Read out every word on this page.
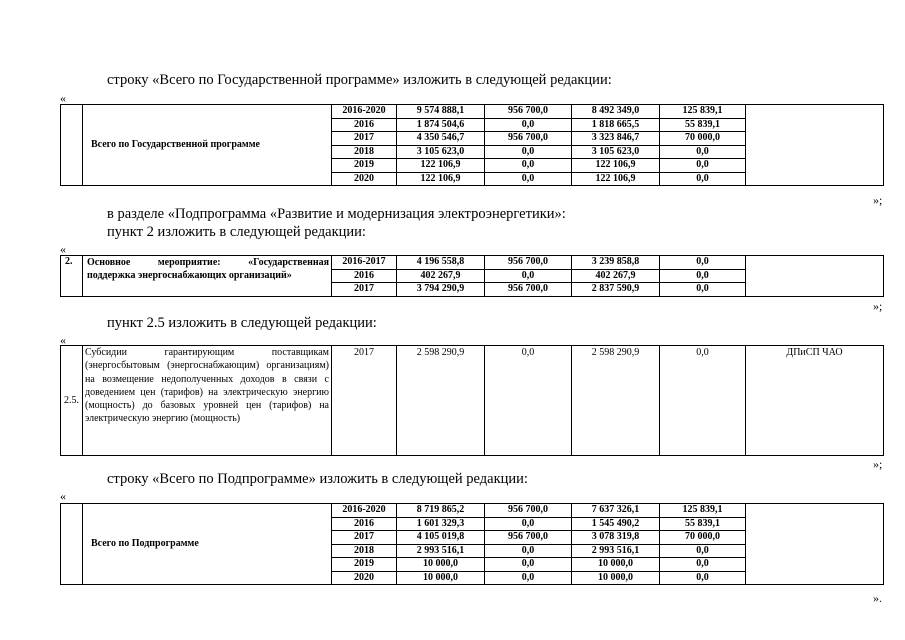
строку «Всего по Государственной программе» изложить в следующей редакции:
«
	Всего по Государственной программе	2016-2020	9 574 888,1	956 700,0	8 492 349,0	125 839,1	
		2016	1 874 504,6	0,0	1 818 665,5	55 839,1	
		2017	4 350 546,7	956 700,0	3 323 846,7	70 000,0	
		2018	3 105 623,0	0,0	3 105 623,0	0,0	
		2019	122 106,9	0,0	122 106,9	0,0	
		2020	122 106,9	0,0	122 106,9	0,0	
»;
в разделе «Подпрограмма «Развитие и модернизация электроэнергетики»:
пункт 2 изложить в следующей редакции:
«
2.	Основное мероприятие: «Государственная поддержка энергоснабжающих организаций»	2016-2017	4 196 558,8	956 700,0	3 239 858,8	0,0	
		2016	402 267,9	0,0	402 267,9	0,0	
		2017	3 794 290,9	956 700,0	2 837 590,9	0,0	
»;
пункт 2.5 изложить в следующей редакции:
«
2.5.	Субсидии гарантирующим поставщикам (энергосбытовым (энергоснабжающим) организациям) на возмещение недополученных доходов в связи с доведением цен (тарифов) на электрическую энергию (мощность) до базовых уровней цен (тарифов) на электрическую энергию (мощность)	2017	2 598 290,9	0,0	2 598 290,9	0,0	ДПиСП ЧАО
»;
строку «Всего по Подпрограмме» изложить в следующей редакции:
«
	Всего по Подпрограмме	2016-2020	8 719 865,2	956 700,0	7 637 326,1	125 839,1	
		2016	1 601 329,3	0,0	1 545 490,2	55 839,1	
		2017	4 105 019,8	956 700,0	3 078 319,8	70 000,0	
		2018	2 993 516,1	0,0	2 993 516,1	0,0	
		2019	10 000,0	0,0	10 000,0	0,0	
		2020	10 000,0	0,0	10 000,0	0,0	
».
